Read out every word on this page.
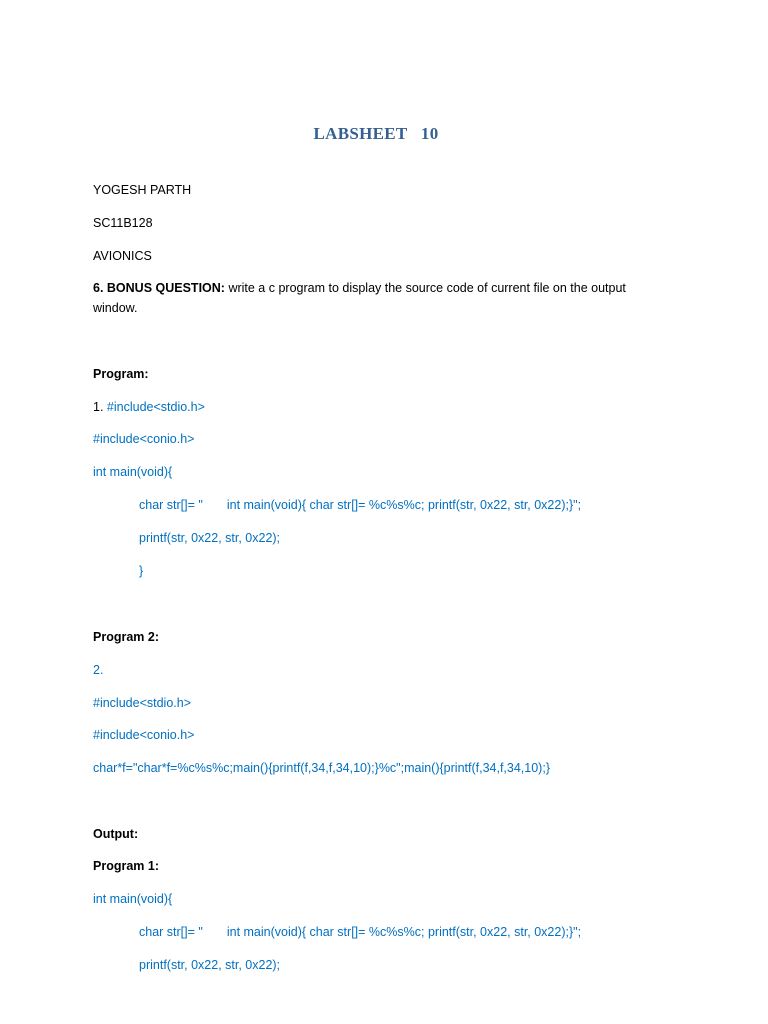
LABSHEET   10
YOGESH PARTH
SC11B128
AVIONICS
6. BONUS QUESTION: write a c program to display the source code of current file on the output
window.
Program:
1. #include<stdio.h>
#include<conio.h>
int main(void){
char str[]= " int main(void){ char str[]= %c%s%c; printf(str, 0x22, str, 0x22);}";
printf(str, 0x22, str, 0x22);
}
Program 2:
2.
#include<stdio.h>
#include<conio.h>
char*f="char*f=%c%s%c;main(){printf(f,34,f,34,10);}%c";main(){printf(f,34,f,34,10);}
Output:
Program 1:
int main(void){
char str[]= " int main(void){ char str[]= %c%s%c; printf(str, 0x22, str, 0x22);}";
printf(str, 0x22, str, 0x22);
